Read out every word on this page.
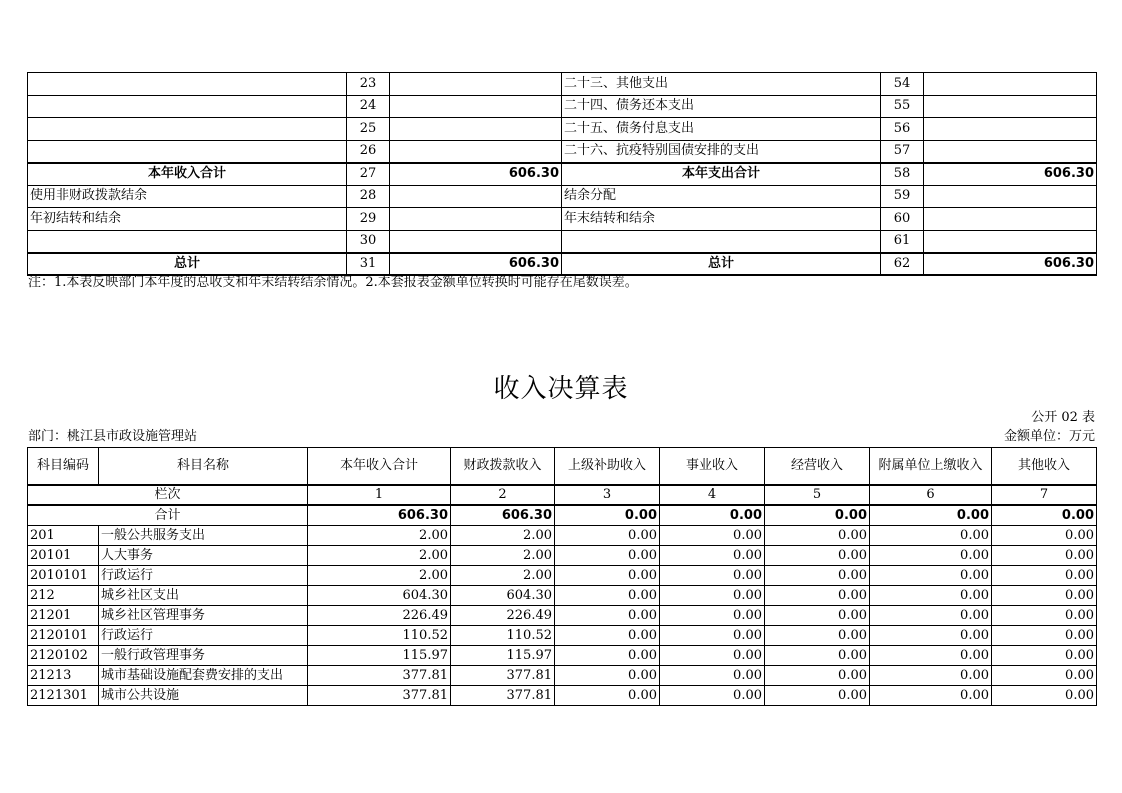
	23		二十三、其他支出	54	
	24		二十四、债务还本支出	55	
	25		二十五、债务付息支出	56	
	26		二十六、抗疫特别国债安排的支出	57	
本年收入合计	27	606.30	本年支出合计	58	606.30
使用非财政拨款结余	28		结余分配	59	
年初结转和结余	29		年末结转和结余	60	
	30			61	
总计	31	606.30	总计	62	606.30
注：1.本表反映部门本年度的总收支和年末结转结余情况。2.本套报表金额单位转换时可能存在尾数误差。
收入决算表
公开 02 表
部门：桃江县市政设施管理站	金额单位：万元
科目编码	科目名称	本年收入合计	财政拨款收入	上级补助收入	事业收入	经营收入	附属单位上缴收入	其他收入
栏次		1	2	3	4	5	6	7
合计		606.30	606.30	0.00	0.00	0.00	0.00	0.00
201	一般公共服务支出	2.00	2.00	0.00	0.00	0.00	0.00	0.00
20101	人大事务	2.00	2.00	0.00	0.00	0.00	0.00	0.00
2010101	行政运行	2.00	2.00	0.00	0.00	0.00	0.00	0.00
212	城乡社区支出	604.30	604.30	0.00	0.00	0.00	0.00	0.00
21201	城乡社区管理事务	226.49	226.49	0.00	0.00	0.00	0.00	0.00
2120101	行政运行	110.52	110.52	0.00	0.00	0.00	0.00	0.00
2120102	一般行政管理事务	115.97	115.97	0.00	0.00	0.00	0.00	0.00
21213	城市基础设施配套费安排的支出	377.81	377.81	0.00	0.00	0.00	0.00	0.00
2121301	城市公共设施	377.81	377.81	0.00	0.00	0.00	0.00	0.00
